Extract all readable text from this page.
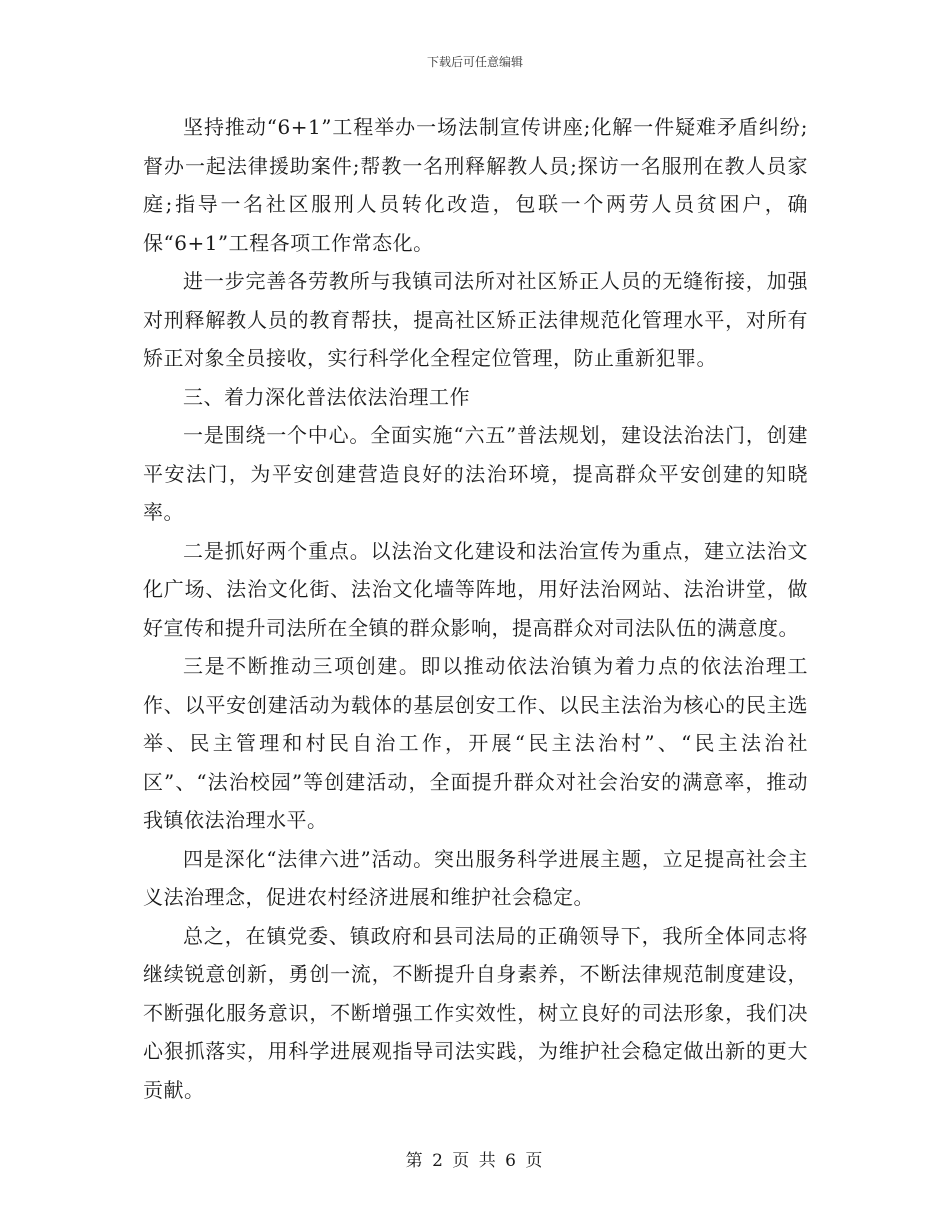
下载后可任意编辑

坚持推动“6+1”工程举办一场法制宣传讲座;化解一件疑难矛盾纠纷;督办一起法律援助案件;帮教一名刑释解教人员;探访一名服刑在教人员家庭;指导一名社区服刑人员转化改造，包联一个两劳人员贫困户，确保“6+1”工程各项工作常态化。

进一步完善各劳教所与我镇司法所对社区矫正人员的无缝衔接，加强对刑释解教人员的教育帮扶，提高社区矫正法律规范化管理水平，对所有矫正对象全员接收，实行科学化全程定位管理，防止重新犯罪。

三、着力深化普法依法治理工作

一是围绕一个中心。全面实施“六五”普法规划，建设法治法门，创建平安法门，为平安创建营造良好的法治环境，提高群众平安创建的知晓率。

二是抓好两个重点。以法治文化建设和法治宣传为重点，建立法治文化广场、法治文化街、法治文化墙等阵地，用好法治网站、法治讲堂，做好宣传和提升司法所在全镇的群众影响，提高群众对司法队伍的满意度。

三是不断推动三项创建。即以推动依法治镇为着力点的依法治理工作、以平安创建活动为载体的基层创安工作、以民主法治为核心的民主选举、民主管理和村民自治工作，开展“民主法治村”、“民主法治社区”、“法治校园”等创建活动，全面提升群众对社会治安的满意率，推动我镇依法治理水平。

四是深化“法律六进”活动。突出服务科学进展主题，立足提高社会主义法治理念，促进农村经济进展和维护社会稳定。

总之，在镇党委、镇政府和县司法局的正确领导下，我所全体同志将继续锐意创新，勇创一流，不断提升自身素养，不断法律规范制度建设，不断强化服务意识，不断增强工作实效性，树立良好的司法形象，我们决心狠抓落实，用科学进展观指导司法实践，为维护社会稳定做出新的更大贡献。

第 2 页 共 6 页
